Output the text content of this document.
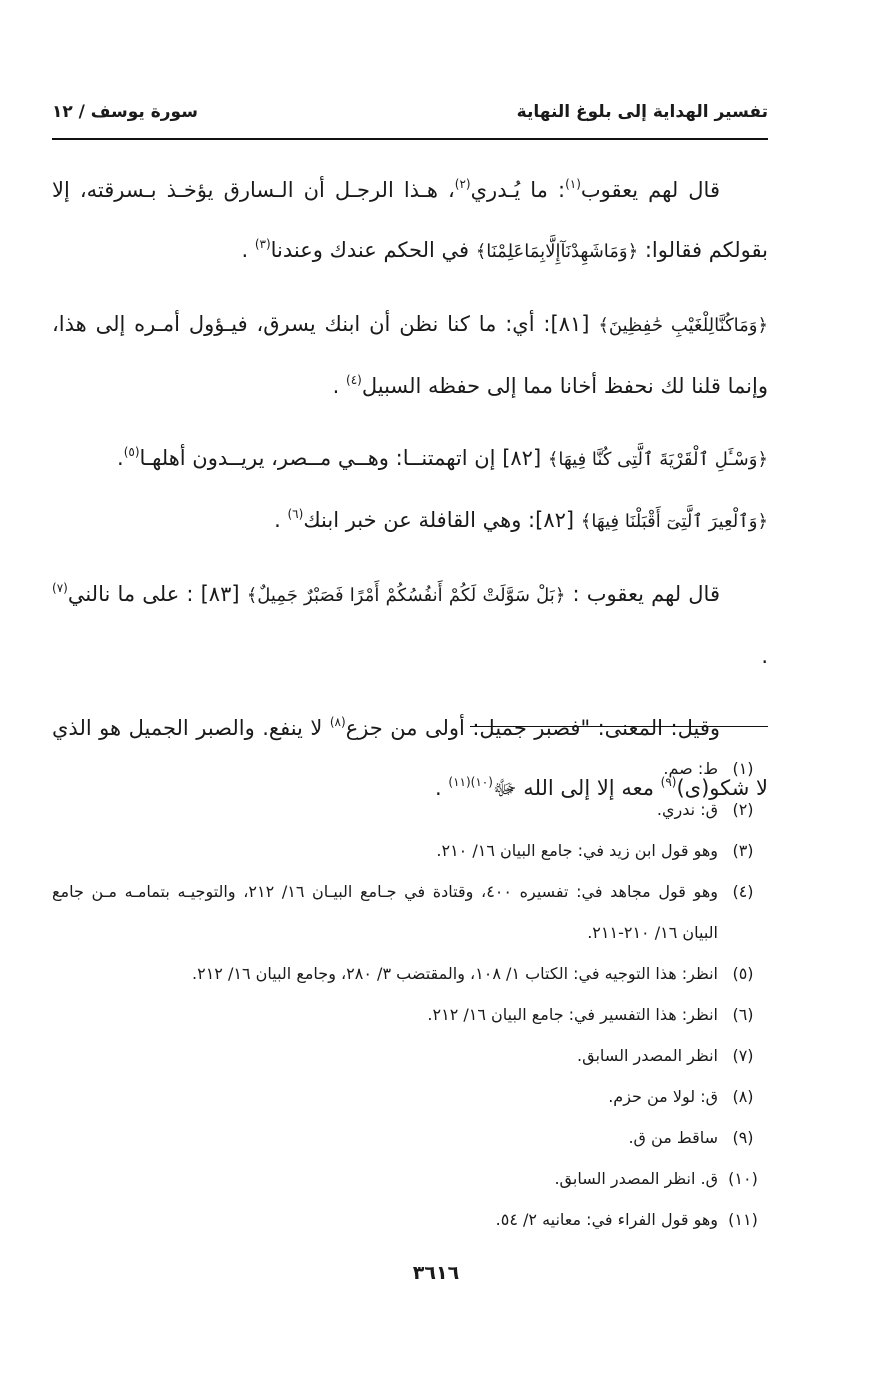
تفسير الهداية إلى بلوغ النهاية
سورة يوسف / ١٢

قال لهم يعقوب$^{(١)}$: ما يُـدري$^{(٢)}$، هـذا الرجـل أن الـسارق يؤخـذ بـسرقته، إلا بقولكم فقالوا: ﴿وَمَاشَهِدْنَآإِلَّابِمَاعَلِمْنَا﴾ في الحكم عندك وعندنا$^{(٣)}$ .

﴿وَمَاكُنَّالِلْغَيْبِ حَٰفِظِينَ﴾ [٨١]: أي: ما كنا نظن أن ابنك يسرق، فيـؤول أمـره إلى هذا، وإنما قلنا لك نحفظ أخانا مما إلى حفظه السبيل$^{(٤)}$ .

﴿وَسْـَٔلِ ٱلْقَرْيَةَ ٱلَّتِى كُنَّا فِيهَا﴾ [٨٢] إن اتهمتنــا: وهــي مــصر، يريــدون أهلهـا$^{(٥)}$.

﴿وَٱلْعِيرَ ٱلَّتِىٓ أَقْبَلْنَا فِيهَا﴾ [٨٢]: وهي القافلة عن خبر ابنك$^{(٦)}$ .

قال لهم يعقوب : ﴿بَلْ سَوَّلَتْ لَكُمْ أَنفُسُكُمْ أَمْرًا فَصَبْرٌ جَمِيلٌ﴾ [٨٣] : على ما نالني$^{(٧)}$ .

وقيل: المعنى: "فصبر جميل: أولى من جزع$^{(٨)}$ لا ينفع. والصبر الجميل هو الذي لا شكو(ى)$^{(٩)}$ معه إلا إلى الله ﷻ$^{(١٠)(١١)}$ .

(١)
ط: صم.
(٢)
ق: ندري.
(٣)
وهو قول ابن زيد في: جامع البيان ١٦/ ٢١٠.
(٤)
وهو قول مجاهد في: تفسيره ٤٠٠، وقتادة في جـامع البيـان ١٦/ ٢١٢، والتوجيـه بتمامـه مـن جامع البيان ١٦/ ٢١٠-٢١١.
(٥)
انظر: هذا التوجيه في: الكتاب ١/ ١٠٨، والمقتضب ٣/ ٢٨٠، وجامع البيان ١٦/ ٢١٢.
(٦)
انظر: هذا التفسير في: جامع البيان ١٦/ ٢١٢.
(٧)
انظر المصدر السابق.
(٨)
ق: لولا من حزم.
(٩)
ساقط من ق.
(١٠)
ق. انظر المصدر السابق.
(١١)
وهو قول الفراء في: معانيه ٢/ ٥٤.
٣٦١٦
